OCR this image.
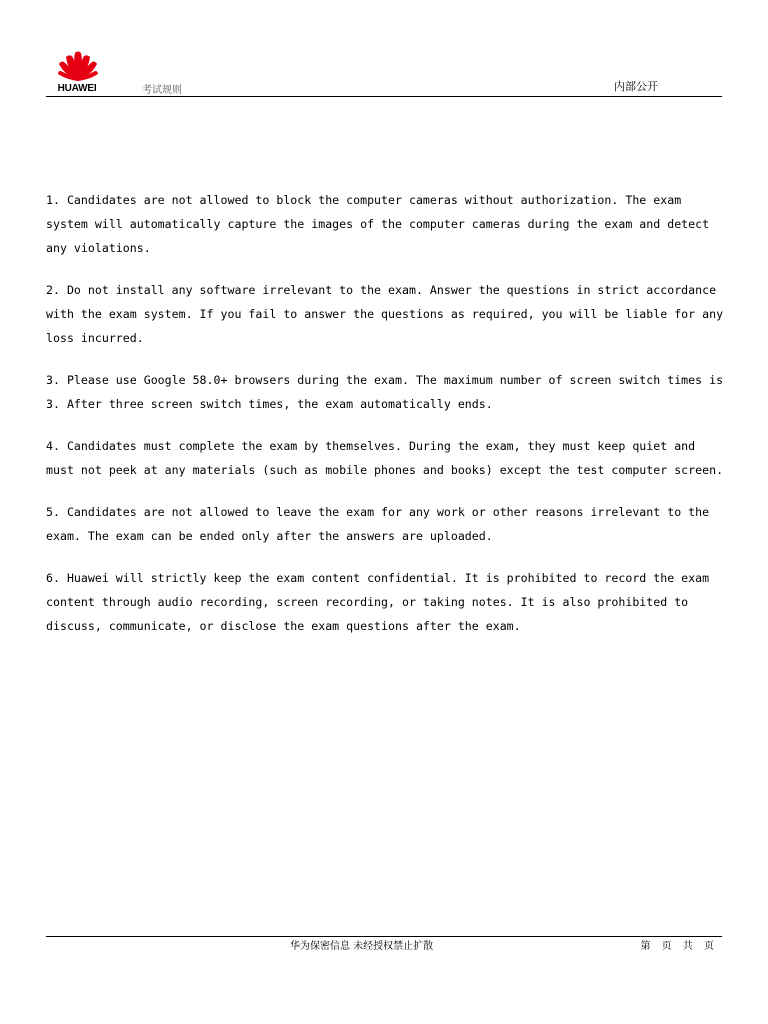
HUAWEI	考试规则	内部公开

1. Candidates are not allowed to block the computer cameras without authorization. The exam system will automatically capture the images of the computer cameras during the exam and detect any violations.

2. Do not install any software irrelevant to the exam. Answer the questions in strict accordance with the exam system. If you fail to answer the questions as required, you will be liable for any loss incurred.

3. Please use Google 58.0+ browsers during the exam. The maximum number of screen switch times is 3. After three screen switch times, the exam automatically ends.

4. Candidates must complete the exam by themselves. During the exam, they must keep quiet and must not peek at any materials (such as mobile phones and books) except the test computer screen.

5. Candidates are not allowed to leave the exam for any work or other reasons irrelevant to the exam. The exam can be ended only after the answers are uploaded.

6. Huawei will strictly keep the exam content confidential. It is prohibited to record the exam content through audio recording, screen recording, or taking notes. It is also prohibited to discuss, communicate, or disclose the exam questions after the exam.

华为保密信息 未经授权禁止扩散	第 页 共 页
